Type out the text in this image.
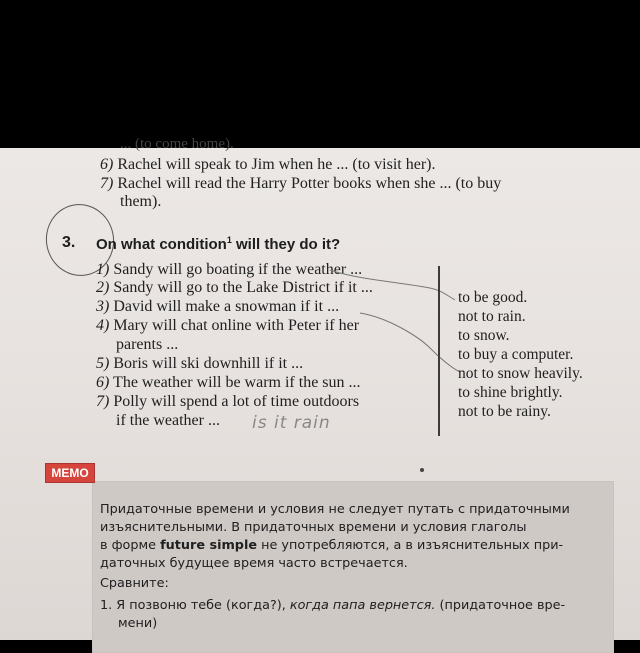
... (to come home).
6) Rachel will speak to Jim when he ... (to visit her).
7) Rachel will read the Harry Potter books when she ... (to buy
them).

3. On what condition$^1$ will they do it?
1) Sandy will go boating if the weather ...
2) Sandy will go to the Lake District if it ...
3) David will make a snowman if it ...
4) Mary will chat online with Peter if her
parents ...
5) Boris will ski downhill if it ...
6) The weather will be warm if the sun ...
7) Polly will spend a lot of time outdoors
if the weather ... is it rain
to be good.
not to rain.
to snow.
to buy a computer.
not to snow heavily.
to shine brightly.
not to be rainy.
МЕМО
Придаточные времени и условия не следует путать с придаточными
изъяснительными. В придаточных времени и условия глаголы
в форме future simple не употребляются, а в изъяснительных при-
даточных будущее время часто встречается.
Сравните:
1. Я позвоню тебе (когда?), когда папа вернется. (придаточное вре-
мени)
